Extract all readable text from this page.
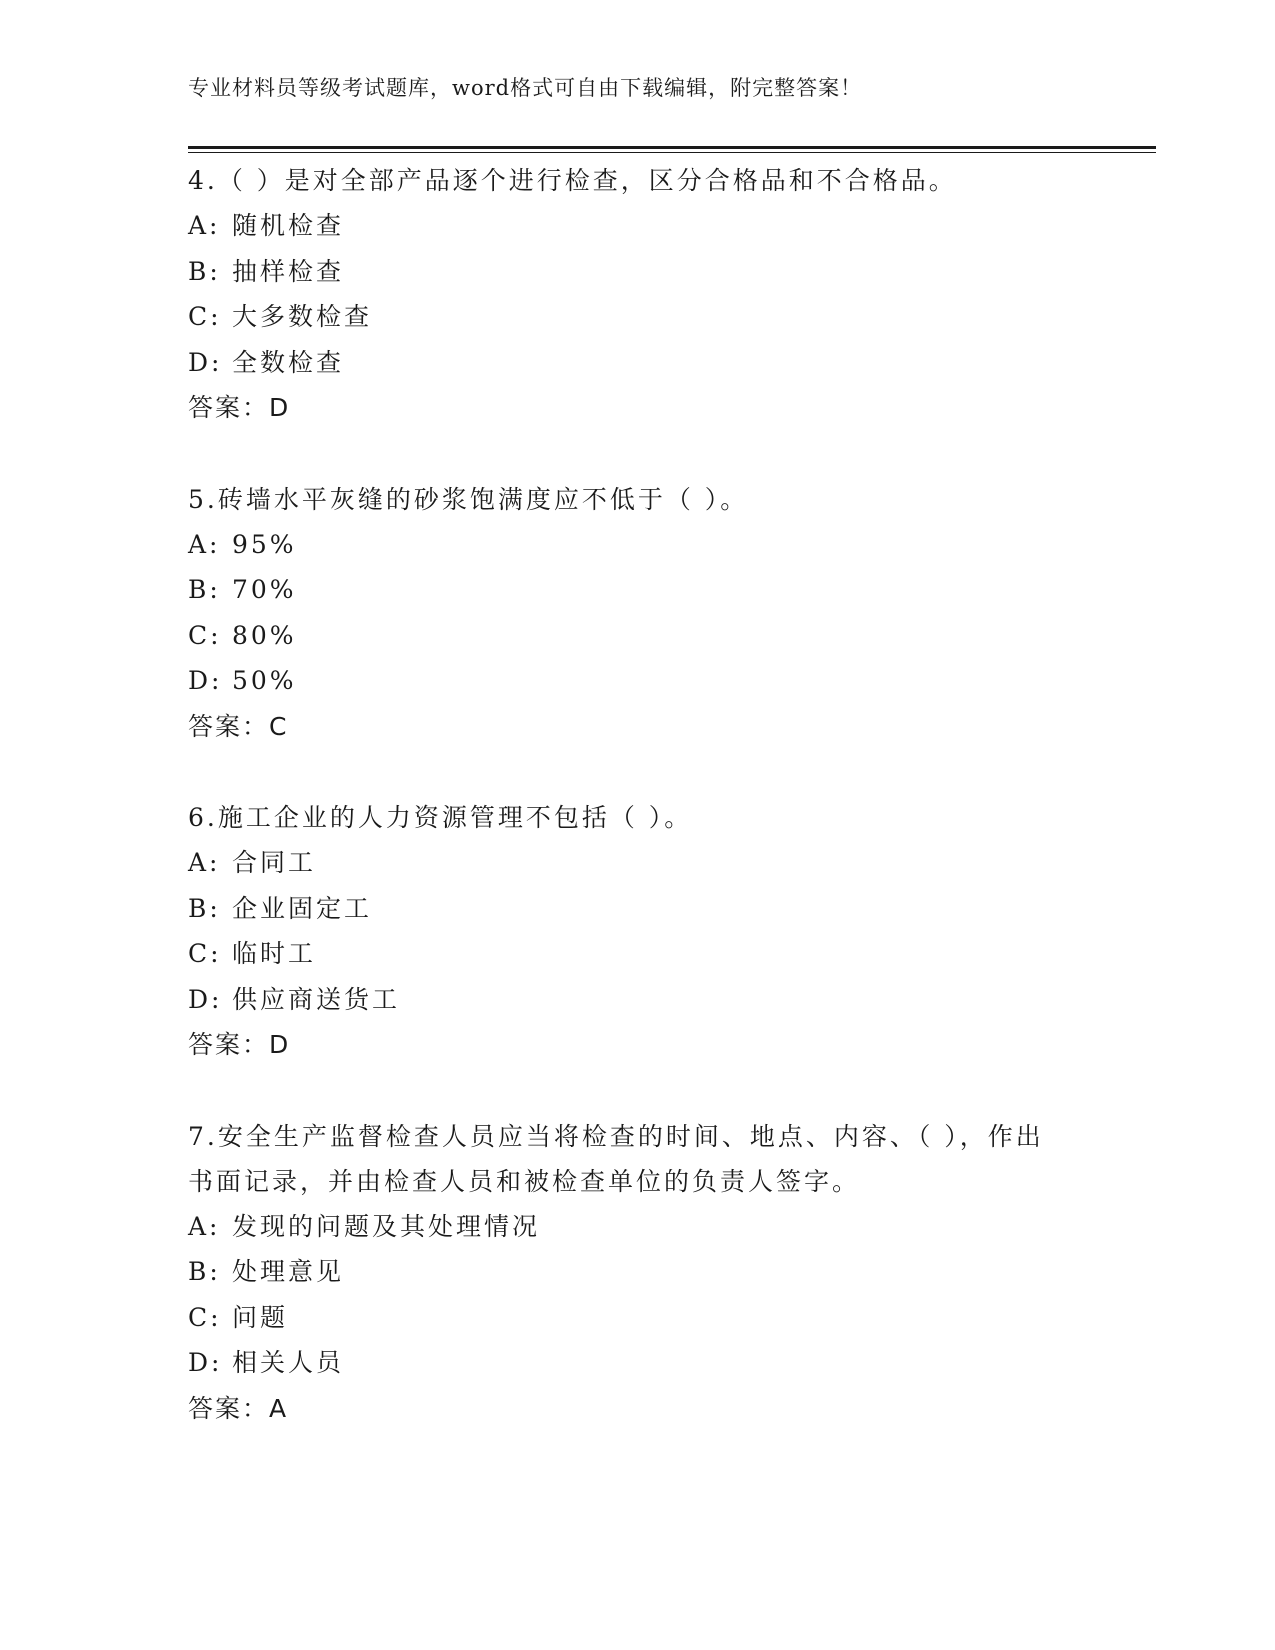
专业材料员等级考试题库，word格式可自由下载编辑，附完整答案！
4.（ ）是对全部产品逐个进行检查，区分合格品和不合格品。
A: 随机检查
B: 抽样检查
C: 大多数检查
D: 全数检查
答案：D
5.砖墙水平灰缝的砂浆饱满度应不低于（ ）。
A: 95%
B: 70%
C: 80%
D: 50%
答案：C
6.施工企业的人力资源管理不包括（ ）。
A: 合同工
B: 企业固定工
C: 临时工
D: 供应商送货工
答案：D
7.安全生产监督检查人员应当将检查的时间、地点、内容、（ ），作出书面记录，并由检查人员和被检查单位的负责人签字。
A: 发现的问题及其处理情况
B: 处理意见
C: 问题
D: 相关人员
答案：A
